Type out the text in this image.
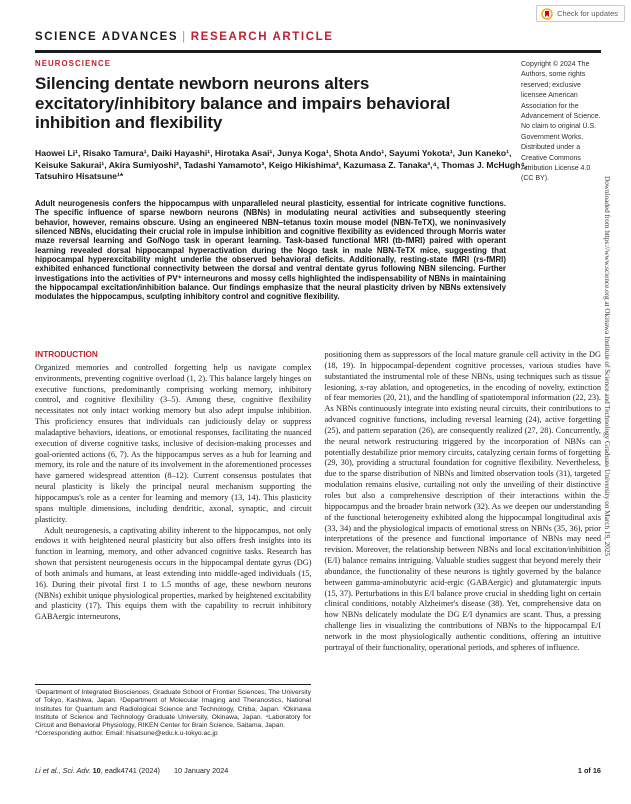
Check for updates
SCIENCE ADVANCES | RESEARCH ARTICLE
NEUROSCIENCE
Silencing dentate newborn neurons alters excitatory/inhibitory balance and impairs behavioral inhibition and flexibility
Haowei Li¹, Risako Tamura¹, Daiki Hayashi¹, Hirotaka Asai¹, Junya Koga¹, Shota Ando¹, Sayumi Yokota¹, Jun Kaneko¹, Keisuke Sakurai¹, Akira Sumiyoshi², Tadashi Yamamoto³, Keigo Hikishima³, Kazumasa Z. Tanaka³,⁴, Thomas J. McHugh⁴, Tatsuhiro Hisatsune¹*
Adult neurogenesis confers the hippocampus with unparalleled neural plasticity, essential for intricate cognitive functions. The specific influence of sparse newborn neurons (NBNs) in modulating neural activities and subsequently steering behavior, however, remains obscure. Using an engineered NBN–tetanus toxin mouse model (NBN-TeTX), we noninvasively silenced NBNs, elucidating their crucial role in impulse inhibition and cognitive flexibility as evidenced through Morris water maze reversal learning and Go/Nogo task in operant learning. Task-based functional MRI (tb-fMRI) paired with operant learning revealed dorsal hippocampal hyperactivation during the Nogo task in male NBN-TeTX mice, suggesting that hippocampal hyperexcitability might underlie the observed behavioral deficits. Additionally, resting-state fMRI (rs-fMRI) exhibited enhanced functional connectivity between the dorsal and ventral dentate gyrus following NBN silencing. Further investigations into the activities of PV⁺ interneurons and mossy cells highlighted the indispensability of NBNs in maintaining the hippocampal excitation/inhibition balance. Our findings emphasize that the neural plasticity driven by NBNs extensively modulates the hippocampus, sculpting inhibitory control and cognitive flexibility.
Copyright © 2024 The Authors, some rights reserved; exclusive licensee American Association for the Advancement of Science. No claim to original U.S. Government Works. Distributed under a Creative Commons Attribution License 4.0 (CC BY).
INTRODUCTION

Organized memories and controlled forgetting help us navigate complex environments, preventing cognitive overload (1, 2). This balance largely hinges on executive functions, predominantly comprising working memory, inhibitory control, and cognitive flexibility (3–5). Among these, cognitive flexibility necessitates not only intact working memory but also adept impulse inhibition. This proficiency ensures that individuals can judiciously delay or suppress maladaptive behaviors, ideations, or emotional responses, facilitating the nuanced execution of diverse cognitive tasks, inclusive of decision-making processes and goal-oriented actions (6, 7). As the hippocampus serves as a hub for learning and memory, its role and the nature of its involvement in the aforementioned processes have garnered widespread attention (8–12). Current consensus postulates that neural plasticity is likely the principal neural mechanism supporting the hippocampus's role as a center for learning and memory (13, 14). This plasticity spans multiple dimensions, including dendritic, axonal, synaptic, and circuit plasticity.

Adult neurogenesis, a captivating ability inherent to the hippocampus, not only endows it with heightened neural plasticity but also offers fresh insights into its function in learning, memory, and other advanced cognitive tasks. Research has shown that persistent neurogenesis occurs in the hippocampal dentate gyrus (DG) of both animals and humans, at least extending into middle-aged individuals (15, 16). During their pivotal first 1 to 1.5 months of age, these newborn neurons (NBNs) exhibit unique physiological properties, marked by heightened excitability and plasticity (17). This equips them with the capability to recruit inhibitory GABAergic interneurons,

positioning them as suppressors of the local mature granule cell activity in the DG (18, 19). In hippocampal-dependent cognitive processes, various studies have substantiated the instrumental role of these NBNs, using techniques such as tissue lesioning, x-ray ablation, and optogenetics, in the encoding of novelty, extinction of fear memories (20, 21), and the handling of spatiotemporal information (22, 23). As NBNs continuously integrate into existing neural circuits, their contributions to advanced cognitive functions, including reversal learning (24), active forgetting (25), and pattern separation (26), are consequently realized (27, 28). Concurrently, the neural network restructuring triggered by the incorporation of NBNs can potentially destabilize prior memory circuits, catalyzing certain forms of forgetting (29, 30), providing a structural foundation for cognitive flexibility. Nevertheless, due to the sparse distribution of NBNs and limited observation tools (31), targeted modulation remains elusive, curtailing not only the unveiling of their distinctive roles but also a comprehensive description of their interactions within the hippocampus and the broader brain network (32). As we deepen our understanding of the functional heterogeneity exhibited along the hippocampal longitudinal axis (33, 34) and the physiological impacts of emotional stress on NBNs (35, 36), prior interpretations of the presence and functional importance of NBNs may need revision. Moreover, the relationship between NBNs and local excitation/inhibition (E/I) balance remains intriguing. Valuable studies suggest that beyond merely their abundance, the functionality of these neurons is tightly governed by the balance between gamma-aminobutyric acid-ergic (GABAergic) and glutamatergic inputs (15, 37). Perturbations in this E/I balance prove crucial in shedding light on certain clinical conditions, notably Alzheimer's disease (38). Yet, comprehensive data on how NBNs delicately modulate the DG E/I dynamics are scant. Thus, a pressing challenge lies in visualizing the contributions of NBNs to the hippocampal E/I network in the most physiologically authentic conditions, offering an intuitive portrayal of their functionality, operational periods, and spheres of influence.

¹Department of Integrated Biosciences, Graduate School of Frontier Sciences, The University of Tokyo, Kashiwa, Japan. ²Department of Molecular Imaging and Theranostics, National Institutes for Quantum and Radiological Science and Technology, Chiba, Japan. ³Okinawa Institute of Science and Technology Graduate University, Okinawa, Japan. ⁴Laboratory for Circuit and Behavioral Physiology, RIKEN Center for Brain Science, Saitama, Japan.
*Corresponding author. Email: hisatsune@edu.k.u-tokyo.ac.jp
Li et al., Sci. Adv. 10, eadk4741 (2024) 10 January 2024	1 of 16
Downloaded from https://www.science.org at Okinawa Institute of Science and Technology Graduate University on March 19, 2025
